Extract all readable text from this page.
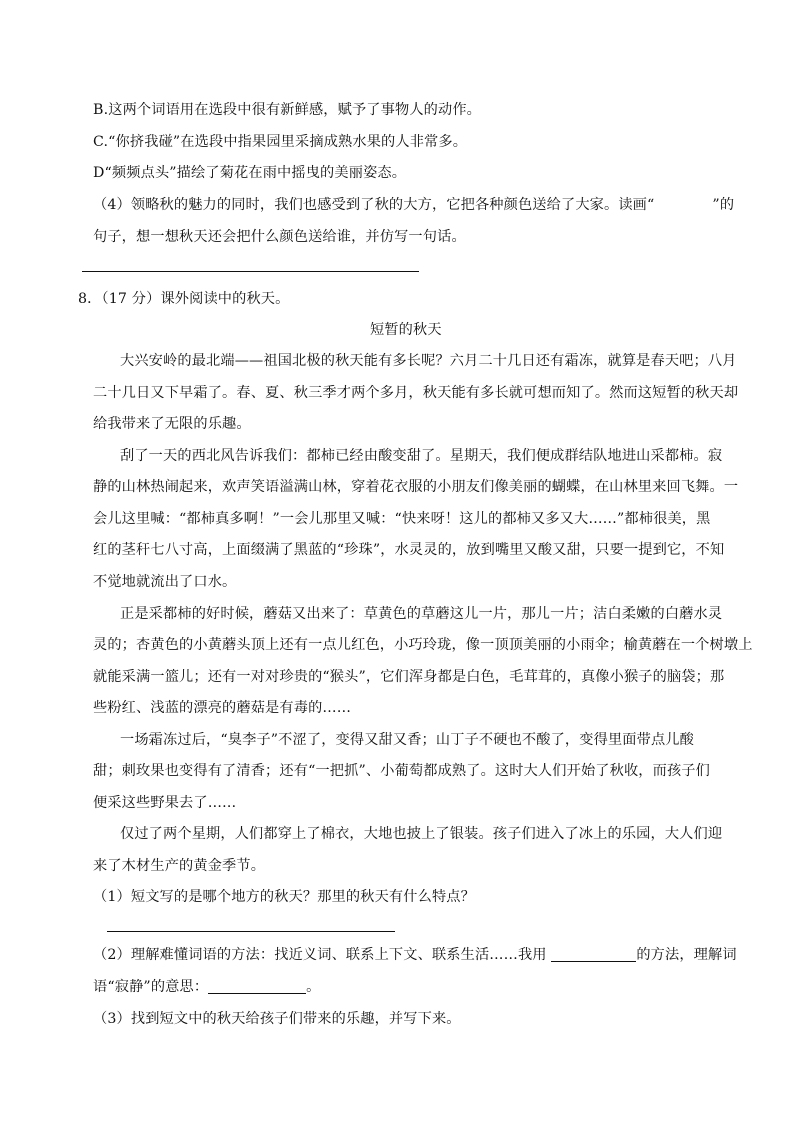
B.这两个词语用在选段中很有新鲜感，赋予了事物人的动作。
C.“你挤我碰”在选段中指果园里采摘成熟水果的人非常多。
D“频频点头”描绘了菊花在雨中摇曳的美丽姿态。
（4）领略秋的魅力的同时，我们也感受到了秋的大方，它把各种颜色送给了大家。读画“	”的
句子，想一想秋天还会把什么颜色送给谁，并仿写一句话。
8．（17 分）课外阅读中的秋天。
短暂的秋天
大兴安岭的最北端——祖国北极的秋天能有多长呢？六月二十几日还有霜冻，就算是春天吧；八月
二十几日又下早霜了。春、夏、秋三季才两个多月，秋天能有多长就可想而知了。然而这短暂的秋天却
给我带来了无限的乐趣。
刮了一天的西北风告诉我们：都柿已经由酸变甜了。星期天，我们便成群结队地进山采都柿。寂
静的山林热闹起来，欢声笑语溢满山林，穿着花衣服的小朋友们像美丽的蝴蝶，在山林里来回飞舞。一
会儿这里喊：“都柿真多啊！”一会儿那里又喊：“快来呀！这儿的都柿又多又大……”都柿很美，黑
红的茎秆七八寸高，上面缀满了黑蓝的“珍珠”，水灵灵的，放到嘴里又酸又甜，只要一提到它，不知
不觉地就流出了口水。
正是采都柿的好时候，蘑菇又出来了：草黄色的草蘑这儿一片，那儿一片；洁白柔嫩的白蘑水灵
灵的；杏黄色的小黄蘑头顶上还有一点儿红色，小巧玲珑，像一顶顶美丽的小雨伞；榆黄蘑在一个树墩上
就能采满一篮儿；还有一对对珍贵的“猴头”，它们浑身都是白色，毛茸茸的，真像小猴子的脑袋；那
些粉红、浅蓝的漂亮的蘑菇是有毒的……
一场霜冻过后，“臭李子”不涩了，变得又甜又香；山丁子不硬也不酸了，变得里面带点儿酸
甜；刺玫果也变得有了清香；还有“一把抓”、小葡萄都成熟了。这时大人们开始了秋收，而孩子们
便采这些野果去了……
仅过了两个星期，人们都穿上了棉衣，大地也披上了银装。孩子们进入了冰上的乐园，大人们迎
来了木材生产的黄金季节。
（1）短文写的是哪个地方的秋天？那里的秋天有什么特点？
（2）理解难懂词语的方法：找近义词、联系上下文、联系生活……我用	的方法，理解词
语“寂静”的意思：	。
（3）找到短文中的秋天给孩子们带来的乐趣，并写下来。
